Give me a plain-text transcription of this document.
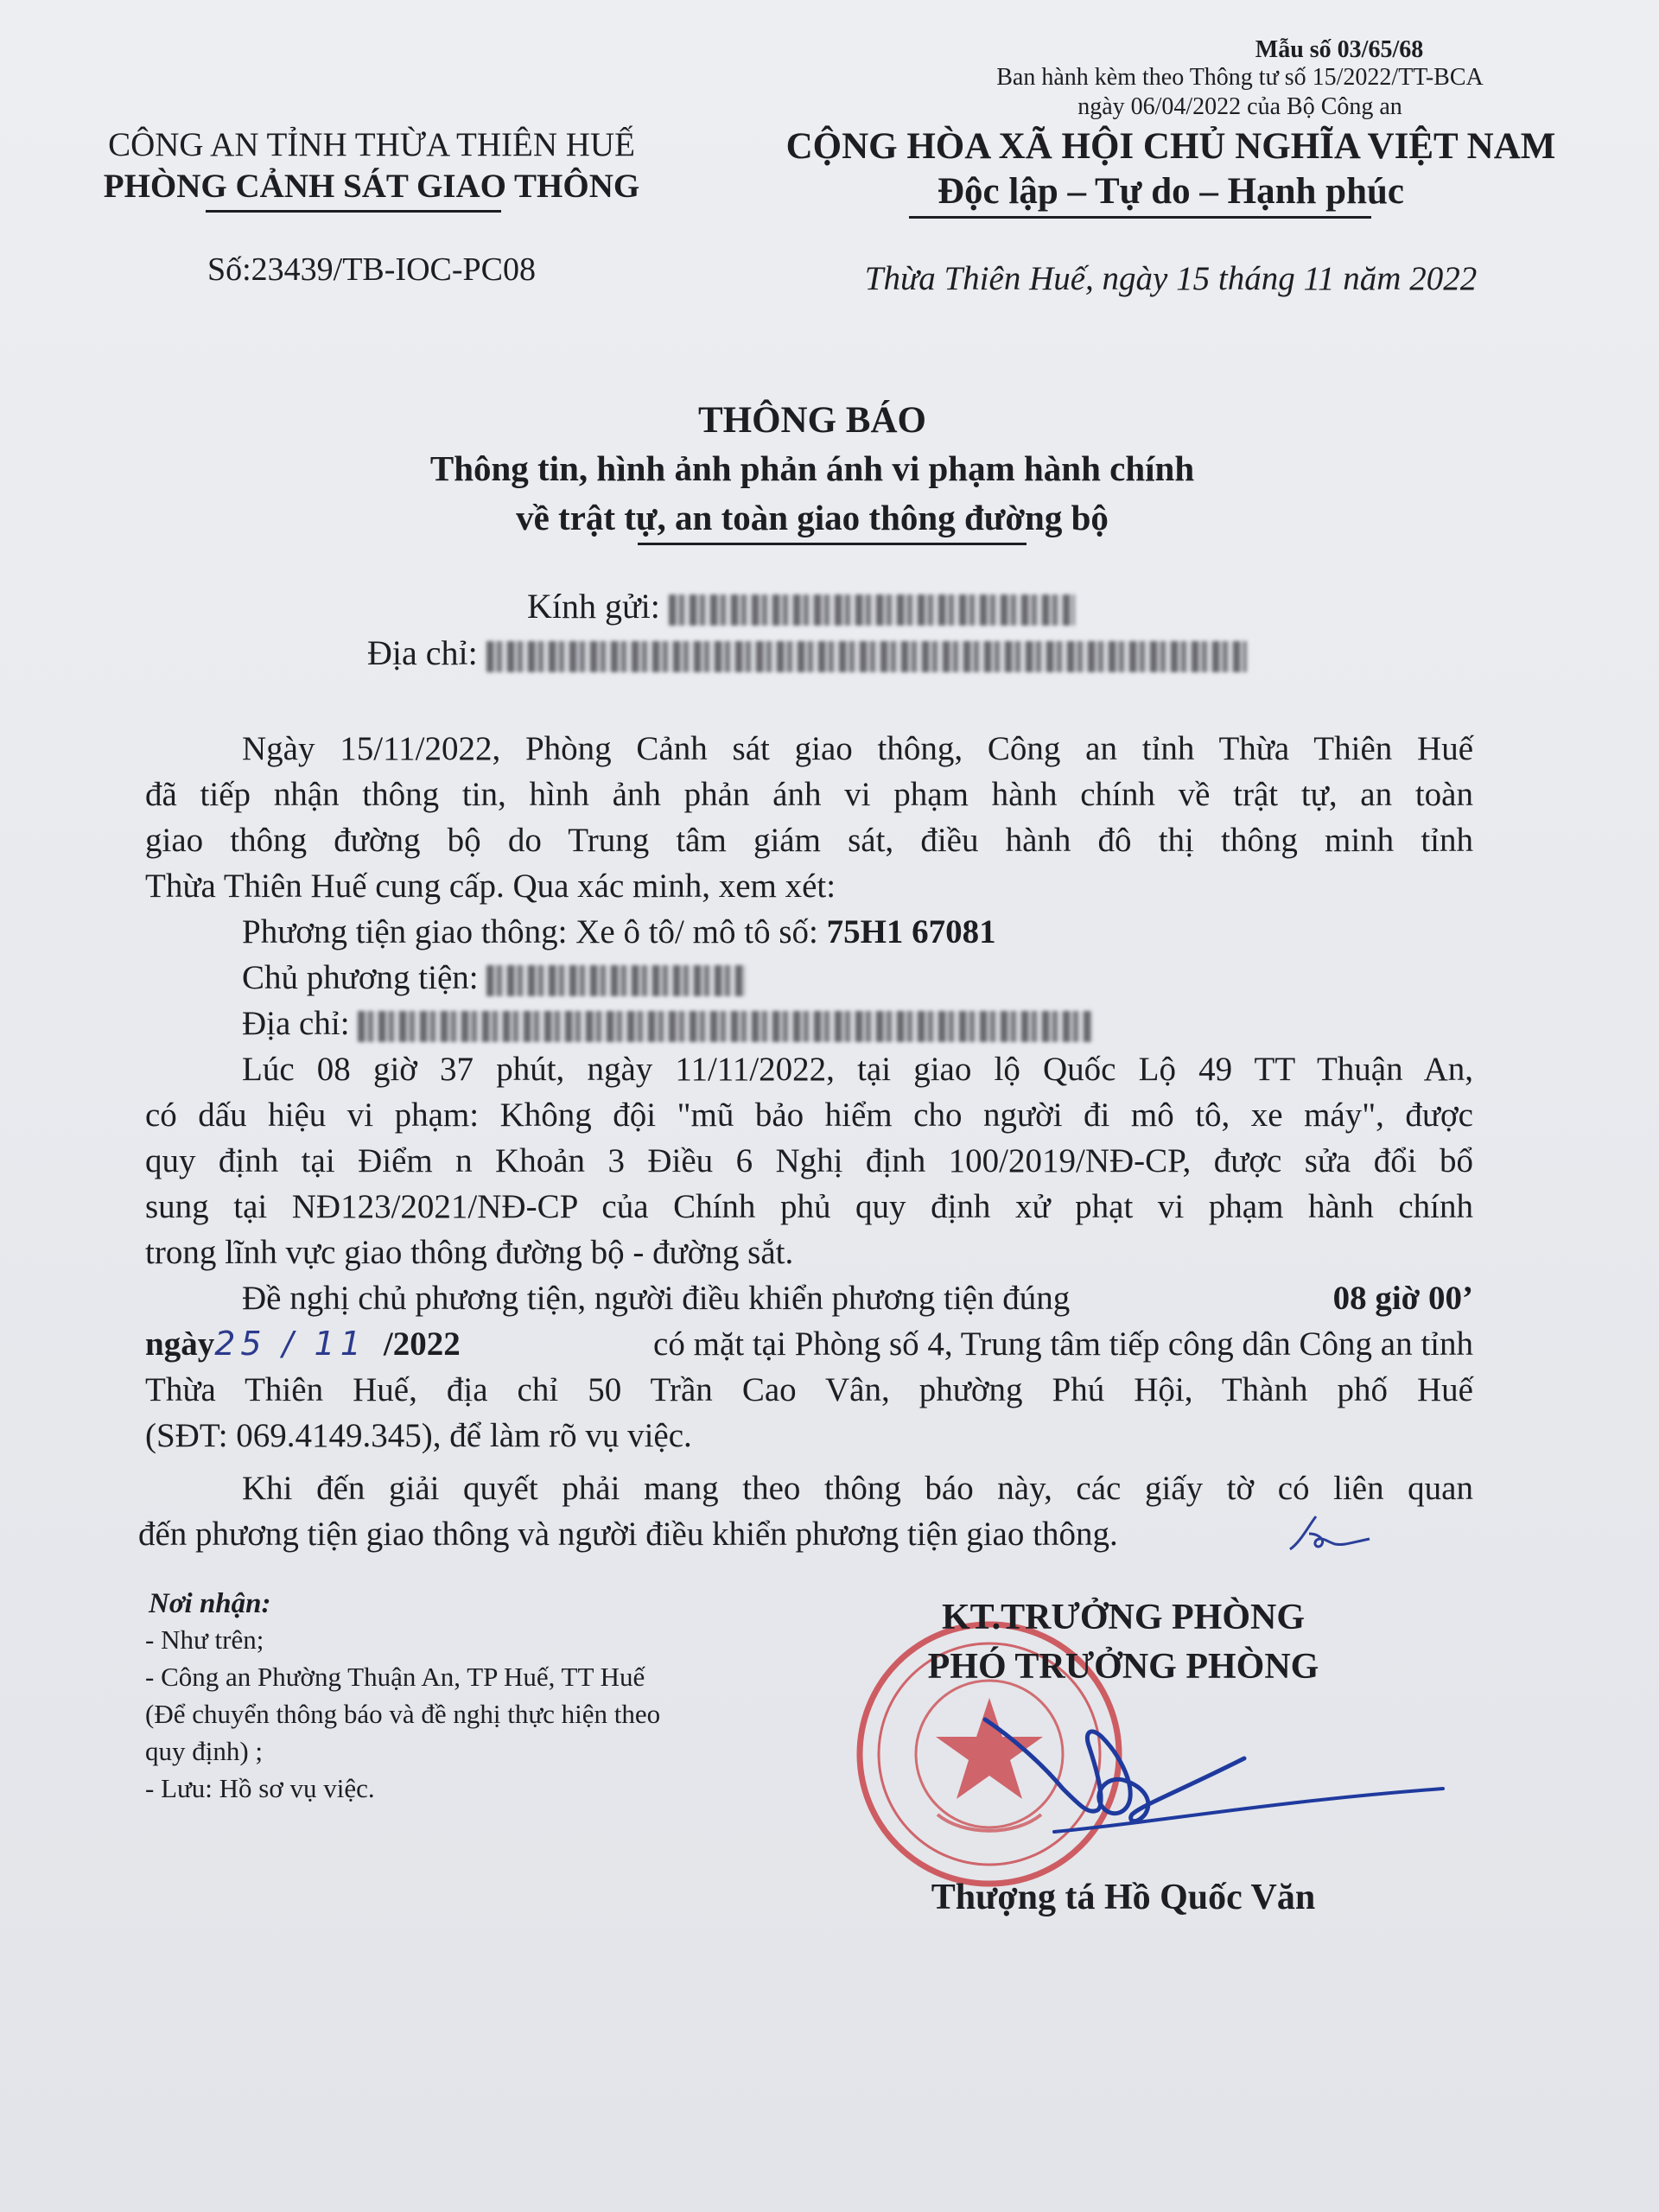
Mẫu số 03/65/68
Ban hành kèm theo Thông tư số 15/2022/TT-BCA
ngày 06/04/2022 của Bộ Công an
CÔNG AN TỈNH THỪA THIÊN HUẾ
PHÒNG CẢNH SÁT GIAO THÔNG
Số:23439/TB-IOC-PC08
CỘNG HÒA XÃ HỘI CHỦ NGHĨA VIỆT NAM
Độc lập – Tự do – Hạnh phúc
Thừa Thiên Huế, ngày 15 tháng 11 năm 2022
THÔNG BÁO
Thông tin, hình ảnh phản ánh vi phạm hành chính
về trật tự, an toàn giao thông đường bộ
Kính gửi:
Địa chỉ:
Ngày 15/11/2022, Phòng Cảnh sát giao thông, Công an tỉnh Thừa Thiên Huế
đã tiếp nhận thông tin, hình ảnh phản ánh vi phạm hành chính về trật tự, an toàn
giao thông đường bộ do Trung tâm giám sát, điều hành đô thị thông minh tỉnh
Thừa Thiên Huế cung cấp. Qua xác minh, xem xét:
Phương tiện giao thông: Xe ô tô/ mô tô số: 75H1 67081
Chủ phương tiện:
Địa chỉ:
Lúc 08 giờ 37 phút, ngày 11/11/2022, tại giao lộ Quốc Lộ 49 TT Thuận An,
có dấu hiệu vi phạm: Không đội "mũ bảo hiểm cho người đi mô tô, xe máy", được
quy định tại Điểm n Khoản 3 Điều 6 Nghị định 100/2019/NĐ-CP, được sửa đổi bổ
sung tại NĐ123/2021/NĐ-CP của Chính phủ quy định xử phạt vi phạm hành chính
trong lĩnh vực giao thông đường bộ - đường sắt.
Đề nghị chủ phương tiện, người điều khiển phương tiện đúng	08 giờ 00’
ngày25 / 11 /2022	có mặt tại Phòng số 4, Trung tâm tiếp công dân Công an tỉnh
Thừa Thiên Huế, địa chỉ 50 Trần Cao Vân, phường Phú Hội, Thành phố Huế
(SĐT: 069.4149.345), để làm rõ vụ việc.
Khi đến giải quyết phải mang theo thông báo này, các giấy tờ có liên quan
đến phương tiện giao thông và người điều khiển phương tiện giao thông.
Nơi nhận:
- Như trên;
- Công an Phường Thuận An, TP Huế, TT Huế
(Để chuyển thông báo và đề nghị thực hiện theo
quy định) ;
- Lưu: Hồ sơ vụ việc.
KT.TRƯỞNG PHÒNG
PHÓ TRƯỞNG PHÒNG
Thượng tá Hồ Quốc Văn
